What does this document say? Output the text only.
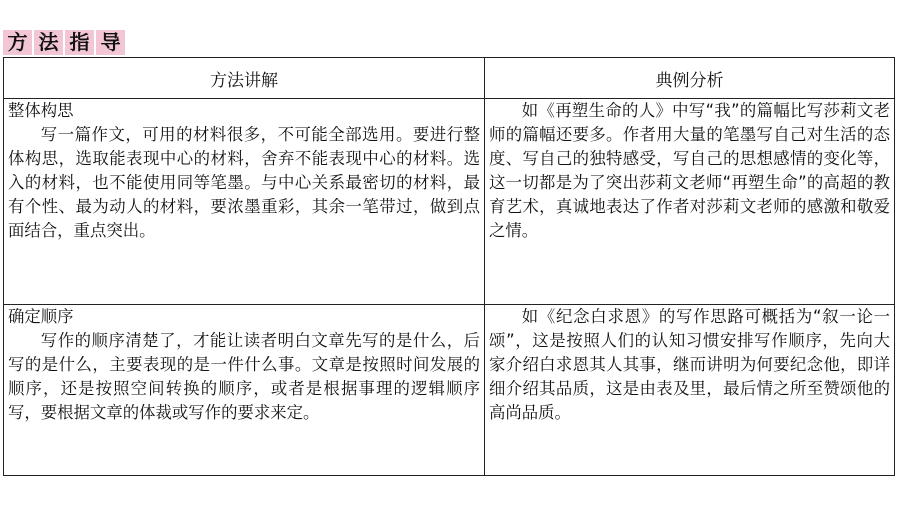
方 法 指 导
方法讲解	典例分析

整体构思
写一篇作文，可用的材料很多，不可能全部选用。要进行整体构思，选取能表现中心的材料，舍弃不能表现中心的材料。选入的材料，也不能使用同等笔墨。与中心关系最密切的材料，最有个性、最为动人的材料，要浓墨重彩，其余一笔带过，做到点面结合，重点突出。	如《再塑生命的人》中写“我”的篇幅比写莎莉文老师的篇幅还要多。作者用大量的笔墨写自己对生活的态度、写自己的独特感受，写自己的思想感情的变化等，这一切都是为了突出莎莉文老师“再塑生命”的高超的教育艺术，真诚地表达了作者对莎莉文老师的感激和敬爱之情。

确定顺序
写作的顺序清楚了，才能让读者明白文章先写的是什么，后写的是什么，主要表现的是一件什么事。文章是按照时间发展的顺序，还是按照空间转换的顺序，或者是根据事理的逻辑顺序写，要根据文章的体裁或写作的要求来定。	如《纪念白求恩》的写作思路可概括为“叙一论一颂”，这是按照人们的认知习惯安排写作顺序，先向大家介绍白求恩其人其事，继而讲明为何要纪念他，即详细介绍其品质，这是由表及里，最后情之所至赞颂他的高尚品质。
